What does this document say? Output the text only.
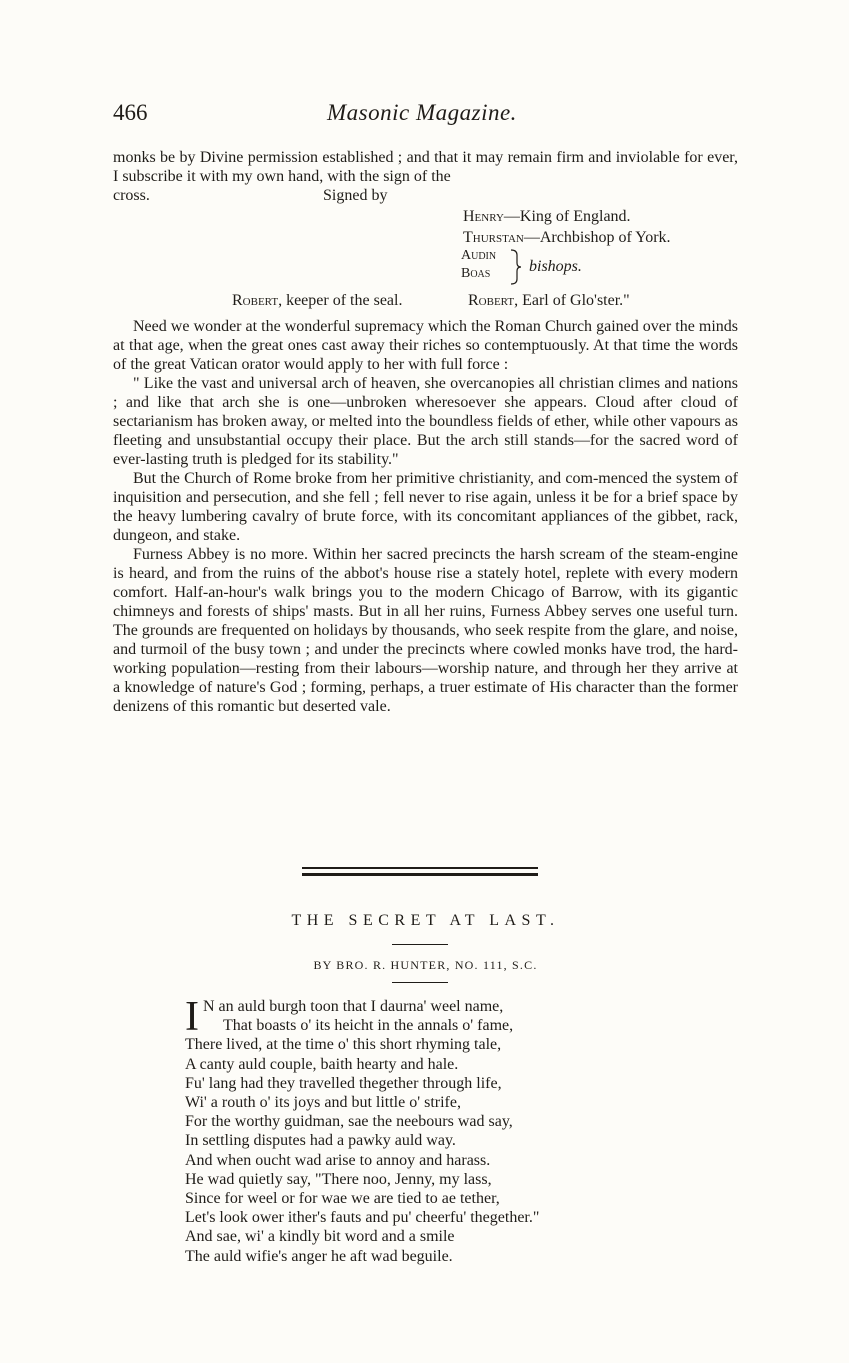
466	Masonic Magazine.

monks be by Divine permission established ; and that it may remain firm and inviolable for ever, I subscribe it with my own hand, with the sign of the

cross.	Signed by
Henry—King of England.
Thurstan—Archbishop of York.
Audin
Boas bishops.
Robert, keeper of the seal.	Robert, Earl of Glo'ster."

Need we wonder at the wonderful supremacy which the Roman Church gained over the minds at that age, when the great ones cast away their riches so contemptuously. At that time the words of the great Vatican orator would apply to her with full force :

" Like the vast and universal arch of heaven, she overcanopies all christian climes and nations ; and like that arch she is one—unbroken wheresoever she appears. Cloud after cloud of sectarianism has broken away, or melted into the boundless fields of ether, while other vapours as fleeting and unsubstantial occupy their place. But the arch still stands—for the sacred word of ever-lasting truth is pledged for its stability."

But the Church of Rome broke from her primitive christianity, and com-menced the system of inquisition and persecution, and she fell ; fell never to rise again, unless it be for a brief space by the heavy lumbering cavalry of brute force, with its concomitant appliances of the gibbet, rack, dungeon, and stake.

Furness Abbey is no more. Within her sacred precincts the harsh scream of the steam-engine is heard, and from the ruins of the abbot's house rise a stately hotel, replete with every modern comfort. Half-an-hour's walk brings you to the modern Chicago of Barrow, with its gigantic chimneys and forests of ships' masts. But in all her ruins, Furness Abbey serves one useful turn. The grounds are frequented on holidays by thousands, who seek respite from the glare, and noise, and turmoil of the busy town ; and under the precincts where cowled monks have trod, the hard-working population—resting from their labours—worship nature, and through her they arrive at a knowledge of nature's God ; forming, perhaps, a truer estimate of His character than the former denizens of this romantic but deserted vale.

THE SECRET AT LAST.
BY BRO. R. HUNTER, NO. 111, S.C.
I N an auld burgh toon that I daurna' weel name,
That boasts o' its heicht in the annals o' fame,
There lived, at the time o' this short rhyming tale,
A canty auld couple, baith hearty and hale.
Fu' lang had they travelled thegether through life,
Wi' a routh o' its joys and but little o' strife,
For the worthy guidman, sae the neebours wad say,
In settling disputes had a pawky auld way.
And when oucht wad arise to annoy and harass.
He wad quietly say, "There noo, Jenny, my lass,
Since for weel or for wae we are tied to ae tether,
Let's look ower ither's fauts and pu' cheerfu' thegether."
And sae, wi' a kindly bit word and a smile
The auld wifie's anger he aft wad beguile.
